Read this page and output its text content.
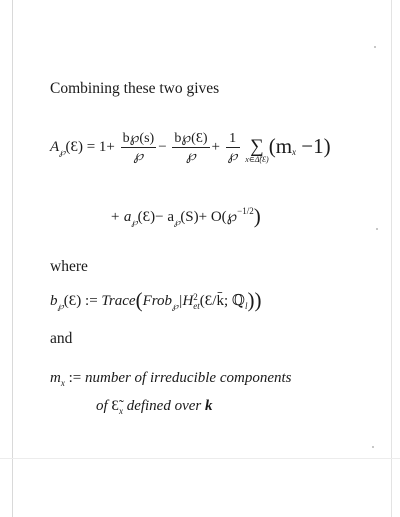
Combining these two gives
$A_℘(Ɛ) = 1+ \frac{b℘(s)}{℘} - \frac{b℘(Ɛ)}{℘} + \frac{1}{℘}$
∑
x∈Δ̃(Ɛ)
$(m_x -1)$
+ $a_℘(Ɛ)- a_℘(S)+$ O(℘$^{-1/2}$)
where
$b_℘(Ɛ)$ := Trace(Frob$_℘$|H 2
et (Ɛ/k̄; ℚ$_l$))
and
$m_x$ := number of irreducible components
of $Ɛ̃_x$ defined over k
